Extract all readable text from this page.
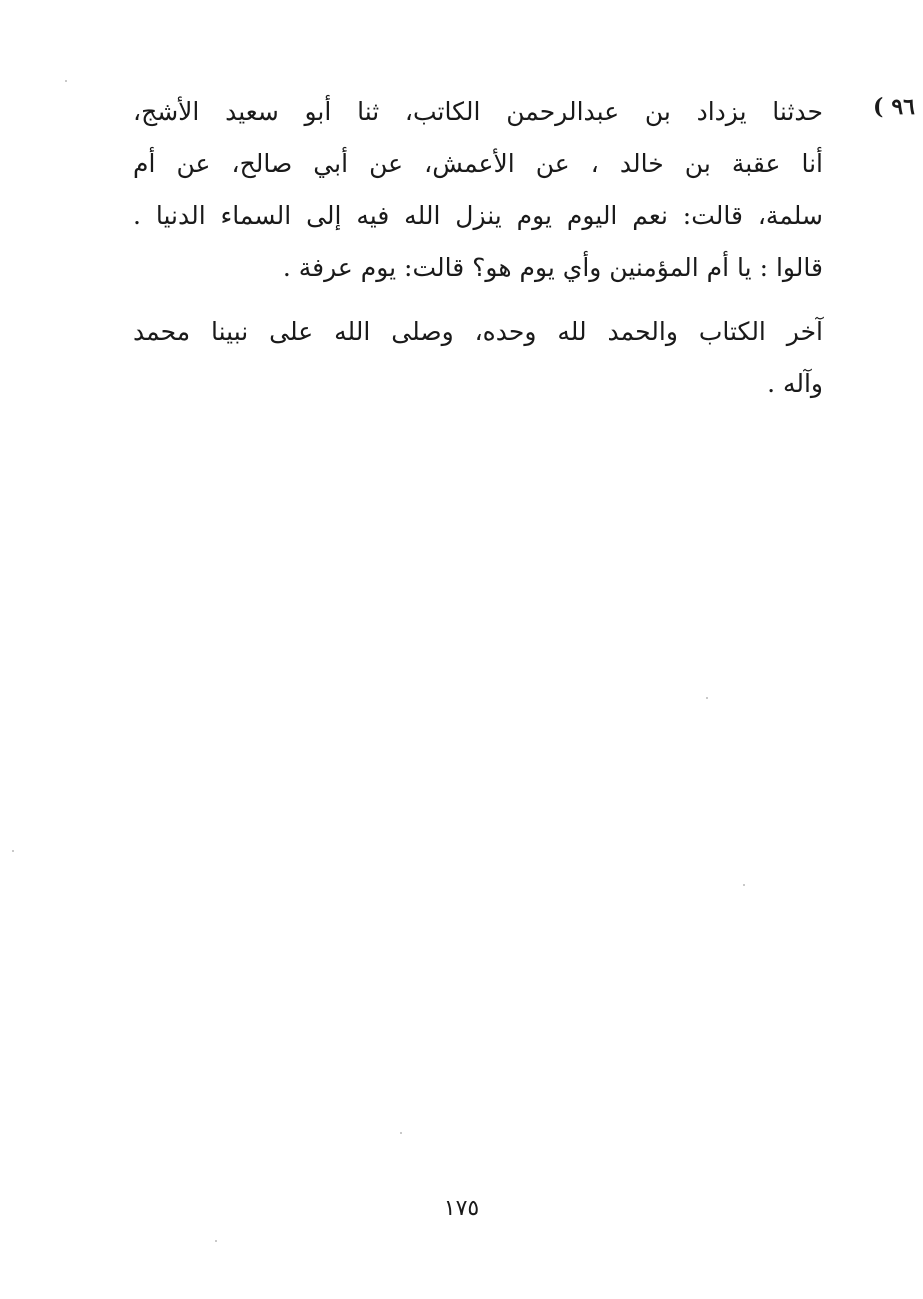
٩٦)
حدثنا يزداد بن عبدالرحمن الكاتب، ثنا أبو سعيد الأشج،
أنا عقبة بن خالد ، عن الأعمش، عن أبي صالح، عن أم
سلمة، قالت: نعم اليوم يوم ينزل الله فيه إلى السماء الدنيا .
قالوا : يا أم المؤمنين وأي يوم هو؟ قالت: يوم عرفة .
آخر الكتاب والحمد لله وحده، وصلى الله على نبينا محمد
وآله .
١٧٥
